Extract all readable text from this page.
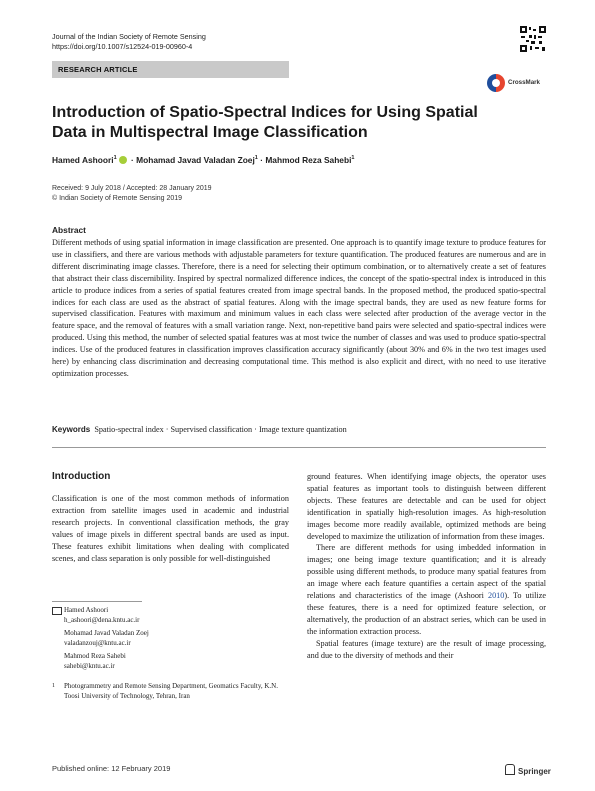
Journal of the Indian Society of Remote Sensing
https://doi.org/10.1007/s12524-019-00960-4
RESEARCH ARTICLE
CrossMark
Introduction of Spatio-Spectral Indices for Using Spatial Data in Multispectral Image Classification
Hamed Ashoori$^1$ · Mohamad Javad Valadan Zoej$^1$ · Mahmod Reza Sahebi$^1$
Received: 9 July 2018 / Accepted: 28 January 2019
© Indian Society of Remote Sensing 2019
Abstract
Different methods of using spatial information in image classification are presented. One approach is to quantify image texture to produce features for use in classifiers, and there are various methods with adjustable parameters for texture quantification. The produced features are numerous and are in different discriminating image classes. Therefore, there is a need for selecting their optimum combination, or to alternatively create a set of features that abstract their class discernibility. Inspired by spectral normalized difference indices, the concept of the spatio-spectral index is introduced in this article to produce indices from a series of spatial features created from image spectral bands. In the proposed method, the produced spatio-spectral indices for each class are used as the abstract of spatial features. Along with the image spectral bands, they are used as new feature forms for supervised classification. Features with maximum and minimum values in each class were selected after production of the average vector in the feature space, and the removal of features with a small variation range. Next, non-repetitive band pairs were selected and spatio-spectral indices were produced. Using this method, the number of selected spatial features was at most twice the number of classes and was used to produce spatio-spectral indices. Use of the produced features in classification improves classification accuracy significantly (about 30% and 6% in the two test images used here) by enhancing class discrimination and decreasing computational time. This method is also explicit and direct, with no need to use iterative optimization processes.
Keywords Spatio-spectral index · Supervised classification · Image texture quantization
Introduction

Classification is one of the most common methods of information extraction from satellite images used in academic and industrial research projects. In conventional classification methods, the gray values of image pixels in different spectral bands are used as input. These features exhibit limitations when dealing with complicated scenes, and class separation is only possible for well-distinguished

ground features. When identifying image objects, the operator uses spatial features as important tools to distinguish between different objects. These features are detectable and can be used for object identification in spatially high-resolution images. As high-resolution images become more readily available, optimized methods are being developed to maximize the utilization of information from these images.

There are different methods for using imbedded information in images; one being image texture quantification; and it is already possible using different methods, to produce many spatial features from an image where each feature quantifies a certain aspect of the spatial relations and characteristics of the image (Ashoori 2010). To utilize these features, there is a need for optimized feature selection, or alternatively, the production of an abstract series, which can be used in the information extraction process.

Spatial features (image texture) are the result of image processing, and due to the diversity of methods and their

Hamed Ashoori
h_ashoori@dena.kntu.ac.ir
Mohamad Javad Valadan Zoej
valadanzouj@kntu.ac.ir
Mahmod Reza Sahebi
sahebi@kntu.ac.ir
1 Photogrammetry and Remote Sensing Department, Geomatics Faculty, K.N. Toosi University of Technology, Tehran, Iran
Published online: 12 February 2019	Springer
